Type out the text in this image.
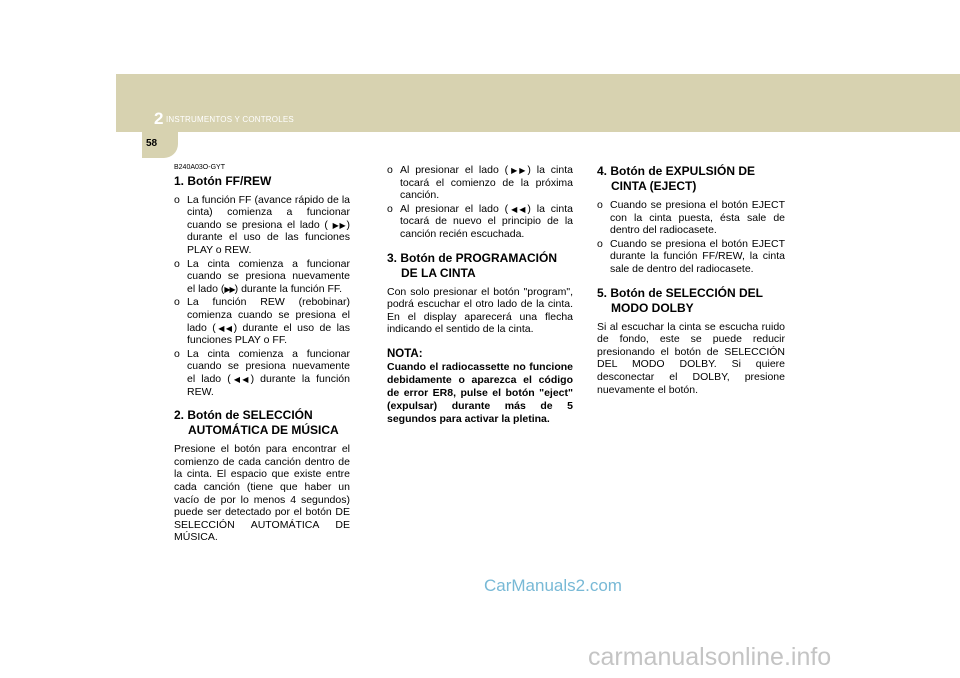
2 INSTRUMENTOS Y CONTROLES
58
B240A03O-GYT
1. Botón FF/REW
o La función FF (avance rápido de la cinta) comienza a funcionar cuando se presiona el lado ( ▶▶) durante el uso de las funciones PLAY o REW.
o La cinta comienza a funcionar cuando se presiona nuevamente el lado (▶▶) durante la función FF.
o La función REW (rebobinar) comienza cuando se presiona el lado (◀◀) durante el uso de las funciones PLAY o FF.
o La cinta comienza a funcionar cuando se presiona nuevamente el lado (◀◀) durante la función REW.
2. Botón de SELECCIÓN AUTOMÁTICA DE MÚSICA

Presione el botón para encontrar el comienzo de cada canción dentro de la cinta. El espacio que existe entre cada canción (tiene que haber un vacío de por lo menos 4 segundos) puede ser detectado por el botón DE SELECCIÓN AUTOMÁTICA DE MÚSICA.

o Al presionar el lado (▶▶) la cinta tocará el comienzo de la próxima canción.
o Al presionar el lado (◀◀) la cinta tocará de nuevo el principio de la canción recién escuchada.
3. Botón de PROGRAMACIÓN DE LA CINTA

Con solo presionar el botón "program", podrá escuchar el otro lado de la cinta. En el display aparecerá una flecha indicando el sentido de la cinta.

NOTA:
Cuando el radiocassette no funcione debidamente o aparezca el código de error ER8, pulse el botón "eject" (expulsar) durante más de 5 segundos para activar la pletina.
4. Botón de EXPULSIÓN DE CINTA (EJECT)
o Cuando se presiona el botón EJECT con la cinta puesta, ésta sale de dentro del radiocasete.
o Cuando se presiona el botón EJECT durante la función FF/REW, la cinta sale de dentro del radiocasete.
5. Botón de SELECCIÓN DEL MODO DOLBY

Si al escuchar la cinta se escucha ruido de fondo, este se puede reducir presionando el botón de SELECCIÓN DEL MODO DOLBY. Si quiere desconectar el DOLBY, presione nuevamente el botón.

CarManuals2.com
carmanualsonline.info
